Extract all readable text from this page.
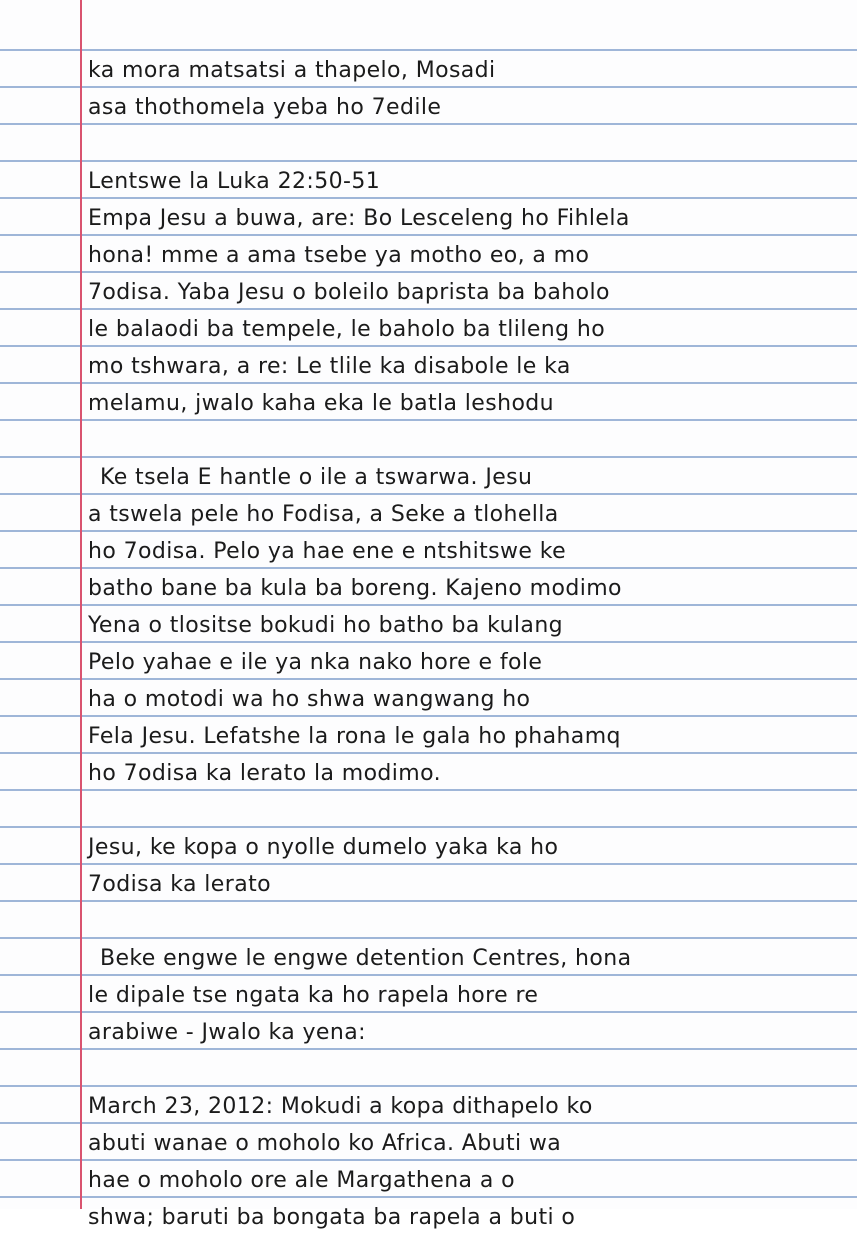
ka mora matsatsi a thapelo, Mosadi
asa thothomela yeba ho 7edile
Lentswe la Luka 22:50-51
Empa Jesu a buwa, are: Bo Lesceleng ho Fihlela
hona! mme a ama tsebe ya motho eo, a mo
7odisa. Yaba Jesu o boleilo baprista ba baholo
le balaodi ba tempele, le baholo ba tlileng ho
mo tshwara, a re: Le tlile ka disabole le ka
melamu, jwalo kaha eka le batla leshodu
Ke tsela E hantle o ile a tswarwa. Jesu
a tswela pele ho Fodisa, a Seke a tlohella
ho 7odisa. Pelo ya hae ene e ntshitswe ke
batho bane ba kula ba boreng. Kajeno modimo
Yena o tlositse bokudi ho batho ba kulang
Pelo yahae e ile ya nka nako hore e fole
ha o motodi wa ho shwa wangwang ho
Fela Jesu. Lefatshe la rona le gala ho phahamq
ho 7odisa ka lerato la modimo.
Jesu, ke kopa o nyolle dumelo yaka ka ho
7odisa ka lerato
Beke engwe le engwe detention Centres, hona
le dipale tse ngata ka ho rapela hore re
arabiwe - Jwalo ka yena:
March 23, 2012: Mokudi a kopa dithapelo ko
abuti wanae o moholo ko Africa. Abuti wa
hae o moholo ore ale Margathena a o
shwa; baruti ba bongata ba rapela a buti o
